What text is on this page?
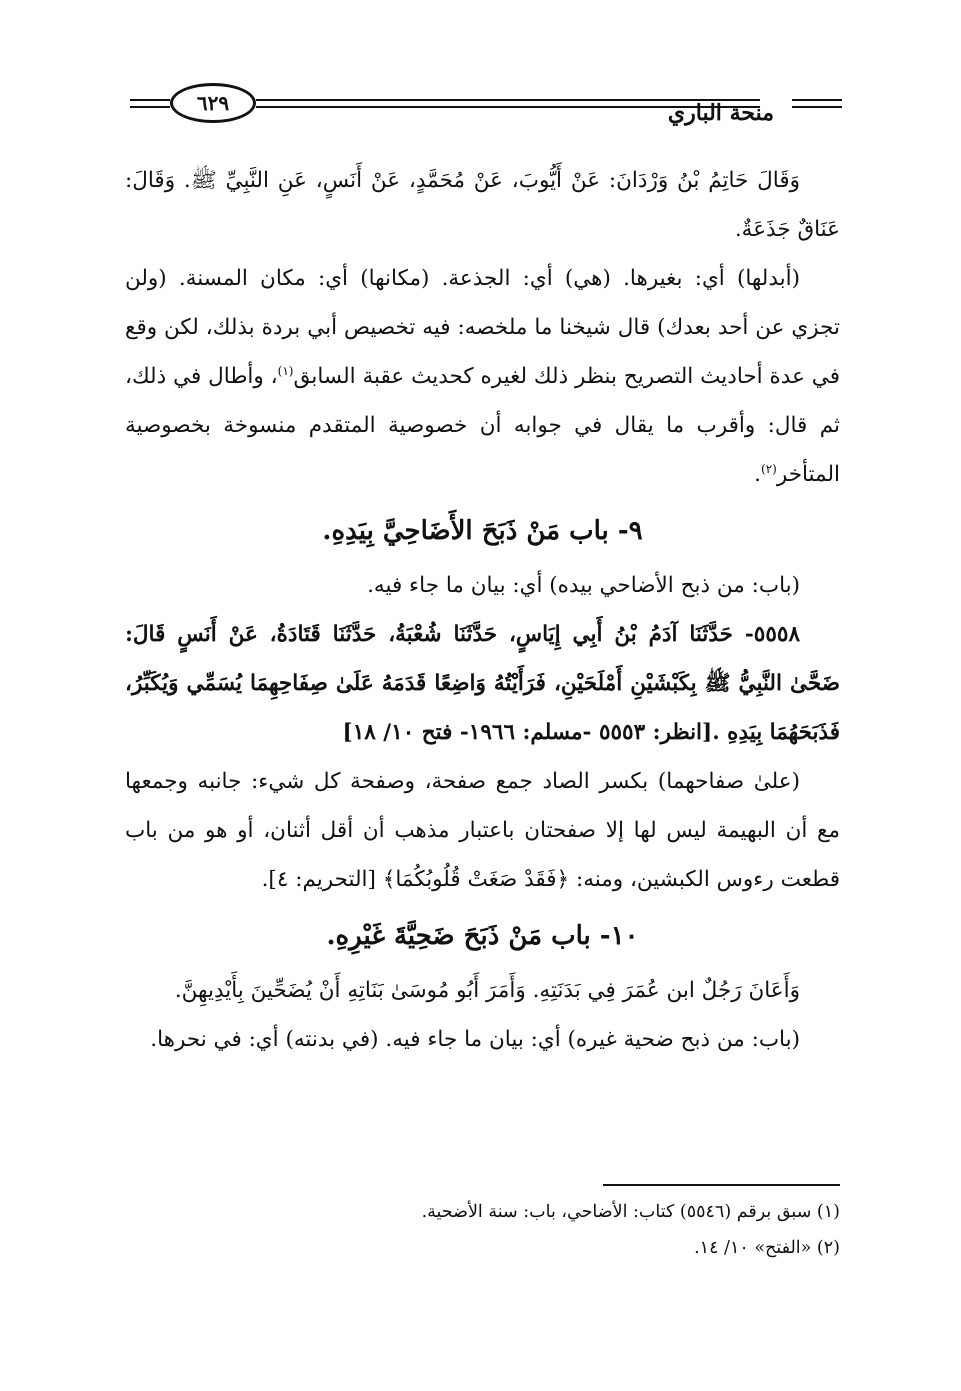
٦٢٩	منحة الباري

وَقَالَ حَاتِمُ بْنُ وَرْدَانَ: عَنْ أَيُّوبَ، عَنْ مُحَمَّدٍ، عَنْ أَنَسٍ، عَنِ النَّبِيِّ ﷺ. وَقَالَ: عَنَاقٌ جَذَعَةٌ.

(أبدلها) أي: بغيرها. (هي) أي: الجذعة. (مكانها) أي: مكان المسنة. (ولن تجزي عن أحد بعدك) قال شيخنا ما ملخصه: فيه تخصيص أبي بردة بذلك، لكن وقع في عدة أحاديث التصريح بنظر ذلك لغيره كحديث عقبة السابق$^{(١)}$، وأطال في ذلك، ثم قال: وأقرب ما يقال في جوابه أن خصوصية المتقدم منسوخة بخصوصية المتأخر$^{(٢)}$.

٩- باب مَنْ ذَبَحَ الأَضَاحِيَّ بِيَدِهِ.

(باب: من ذبح الأضاحي بيده) أي: بيان ما جاء فيه.

٥٥٥٨- حَدَّثَنَا آدَمُ بْنُ أَبِي إِيَاسٍ، حَدَّثَنَا شُعْبَةُ، حَدَّثَنَا قَتَادَةُ، عَنْ أَنَسٍ قَالَ: ضَحَّىٰ النَّبِيُّ ﷺ بِكَبْشَيْنِ أَمْلَحَيْنِ، فَرَأَيْتُهُ وَاضِعًا قَدَمَهُ عَلَىٰ صِفَاحِهِمَا يُسَمِّي وَيُكَبِّرُ، فَذَبَحَهُمَا بِيَدِهِ .[انظر: ٥٥٥٣ -مسلم: ١٩٦٦- فتح ١٠/ ١٨]

(علىٰ صفاحهما) بكسر الصاد جمع صفحة، وصفحة كل شيء: جانبه وجمعها مع أن البهيمة ليس لها إلا صفحتان باعتبار مذهب أن أقل أثنان، أو هو من باب قطعت رءوس الكبشين، ومنه: ﴿فَقَدْ صَغَتْ قُلُوبُكُمَا﴾ [التحريم: ٤].

١٠- باب مَنْ ذَبَحَ ضَحِيَّةَ غَيْرِهِ.

وَأَعَانَ رَجُلٌ ابن عُمَرَ فِي بَدَنَتِهِ. وَأَمَرَ أَبُو مُوسَىٰ بَنَاتِهِ أَنْ يُضَحِّينَ بِأَيْدِيهِنَّ.

(باب: من ذبح ضحية غيره) أي: بيان ما جاء فيه. (في بدنته) أي: في نحرها.

(١) سبق برقم (٥٥٤٦) كتاب: الأضاحي، باب: سنة الأضحية.

(٢) «الفتح» ١٠/ ١٤.
